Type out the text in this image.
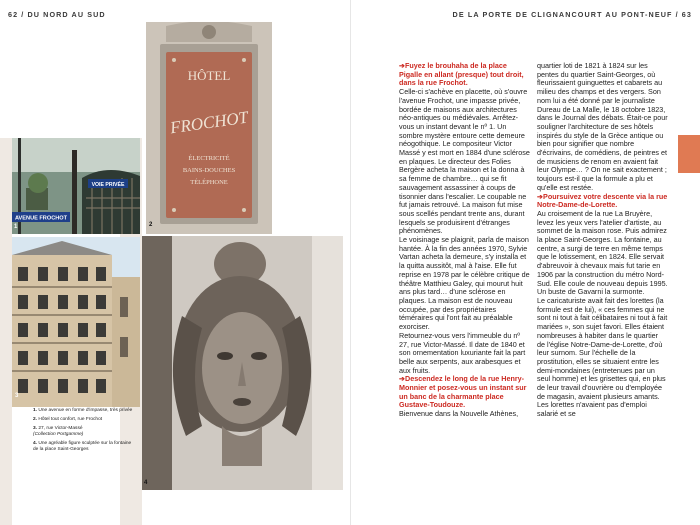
62 / DU NORD AU SUD	DE LA PORTE DE CLIGNANCOURT AU PONT-NEUF / 63
VOIE PRIVÉE
AVENUE FROCHOT
1
3
HÔTEL
FROCHOT
ÉLECTRICITÉ
BAINS-DOUCHES
TÉLÉPHONE
2
4

1. Une avenue en forme d'impasse, très privée

2. Hôtel tout confort, rue Frochot

3. 27, rue Victor-Massé
(Collection Portgamme)

4. Une agréable figure sculptée sur la fontaine de la place Saint-Georges

➔Fuyez le brouhaha de la place Pigalle en allant (presque) tout droit, dans la rue Frochot.

Celle-ci s'achève en placette, où s'ouvre l'avenue Frochot, une impasse privée, bordée de maisons aux architectures néo-antiques ou médiévales. Arrêtez-vous un instant devant le nº 1. Un sombre mystère entoure cette demeure néogothique. Le compositeur Victor Massé y est mort en 1884 d'une sclérose en plaques. Le directeur des Folies Bergère acheta la maison et la donna à sa femme de chambre… qui se fit sauvagement assassiner à coups de tisonnier dans l'escalier. Le coupable ne fut jamais retrouvé. La maison fut mise sous scellés pendant trente ans, durant lesquels se produisirent d'étranges phénomènes.

Le voisinage se plaignit, parla de maison hantée. À la fin des années 1970, Sylvie Vartan acheta la demeure, s'y installa et la quitta aussitôt, mal à l'aise. Elle fut reprise en 1978 par le célèbre critique de théâtre Matthieu Galey, qui mourut huit ans plus tard… d'une sclérose en plaques. La maison est de nouveau occupée, par des propriétaires téméraires qui l'ont fait au préalable exorciser.

Retournez-vous vers l'immeuble du nº 27, rue Victor-Massé. Il date de 1840 et son ornementation luxuriante fait la part belle aux serpents, aux arabesques et aux fruits.

➔Descendez le long de la rue Henry-Monnier et posez-vous un instant sur un banc de la charmante place Gustave-Toudouze.

Bienvenue dans la Nouvelle Athènes,

quartier loti de 1821 à 1824 sur les pentes du quartier Saint-Georges, où fleurissaient guinguettes et cabarets au milieu des champs et des vergers. Son nom lui a été donné par le journaliste Dureau de La Malle, le 18 octobre 1823, dans le Journal des débats. Était-ce pour souligner l'architecture de ses hôtels inspirés du style de la Grèce antique ou bien pour signifier que nombre d'écrivains, de comédiens, de peintres et de musiciens de renom en avaient fait leur Olympe… ? On ne sait exactement ; toujours est-il que la formule a plu et qu'elle est restée.

➔Poursuivez votre descente via la rue Notre-Dame-de-Lorette.

Au croisement de la rue La Bruyère, levez les yeux vers l'atelier d'artiste, au sommet de la maison rose. Puis admirez la place Saint-Georges. La fontaine, au centre, a surgi de terre en même temps que le lotissement, en 1824. Elle servait d'abreuvoir à chevaux mais fut tarie en 1906 par la construction du métro Nord-Sud. Elle coule de nouveau depuis 1995. Un buste de Gavarni la surmonte.

Le caricaturiste avait fait des lorettes (la formule est de lui), « ces femmes qui ne sont ni tout à fait célibataires ni tout à fait mariées », son sujet favori. Elles étaient nombreuses à habiter dans le quartier de l'église Notre-Dame-de-Lorette, d'où leur surnom. Sur l'échelle de la prostitution, elles se situaient entre les demi-mondaines (entretenues par un seul homme) et les grisettes qui, en plus de leur travail d'ouvrière ou d'employée de magasin, avaient plusieurs amants. Les lorettes n'avaient pas d'emploi salarié et se
